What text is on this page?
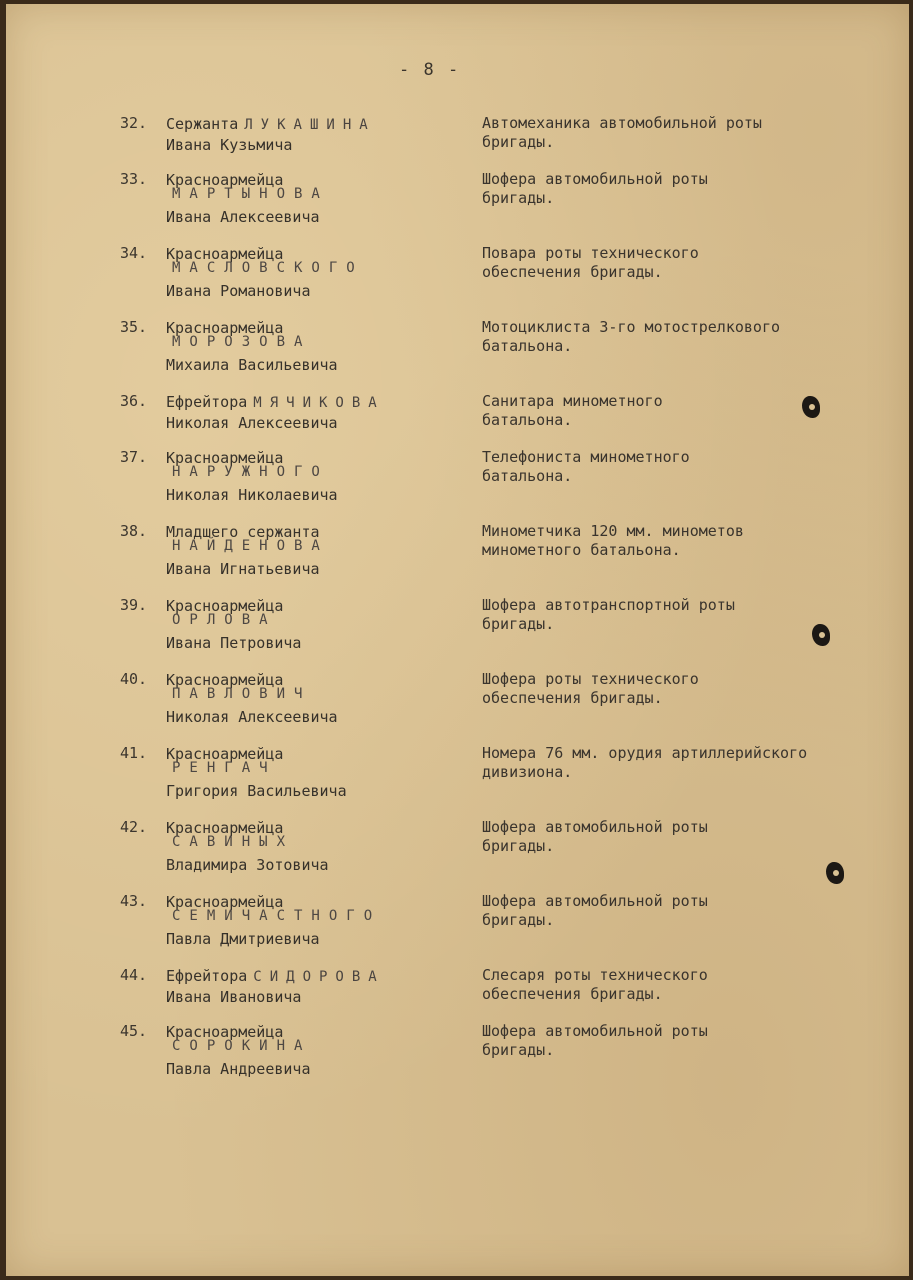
- 8 -
32. Сержанта ЛУКАШИНА
Ивана Кузьмича
Автомеханика автомобильной роты
бригады.
33. Красноармейца
МАРТЫНОВА
Ивана Алексеевича
Шофера автомобильной роты
бригады.
34. Красноармейца
МАСЛОВСКОГО
Ивана Романовича
Повара роты технического
обеспечения бригады.
35. Красноармейца
МОРОЗОВА
Михаила Васильевича
Мотоциклиста 3-го мотострелкового
батальона.
36. Ефрейтора МЯЧИКОВА
Николая Алексеевича
Санитара минометного
батальона.
37. Красноармейца
НАРУЖНОГО
Николая Николаевича
Телефониста минометного
батальона.
38. Младшего сержанта
НАЙДЕНОВА
Ивана Игнатьевича
Минометчика 120 мм. минометов
минометного батальона.
39. Красноармейца
ОРЛОВА
Ивана Петровича
Шофера автотранспортной роты
бригады.
40. Красноармейца
ПАВЛОВИЧ
Николая Алексеевича
Шофера роты технического
обеспечения бригады.
41. Красноармейца
РЕНГАЧ
Григория Васильевича
Номера 76 мм. орудия артиллерийского
дивизиона.
42. Красноармейца
САВИНЫХ
Владимира Зотовича
Шофера автомобильной роты
бригады.
43. Красноармейца
СЕМИЧАСТНОГО
Павла Дмитриевича
Шофера автомобильной роты
бригады.
44. Ефрейтора СИДОРОВА
Ивана Ивановича
Слесаря роты технического
обеспечения бригады.
45. Красноармейца
СОРОКИНА
Павла Андреевича
Шофера автомобильной роты
бригады.
